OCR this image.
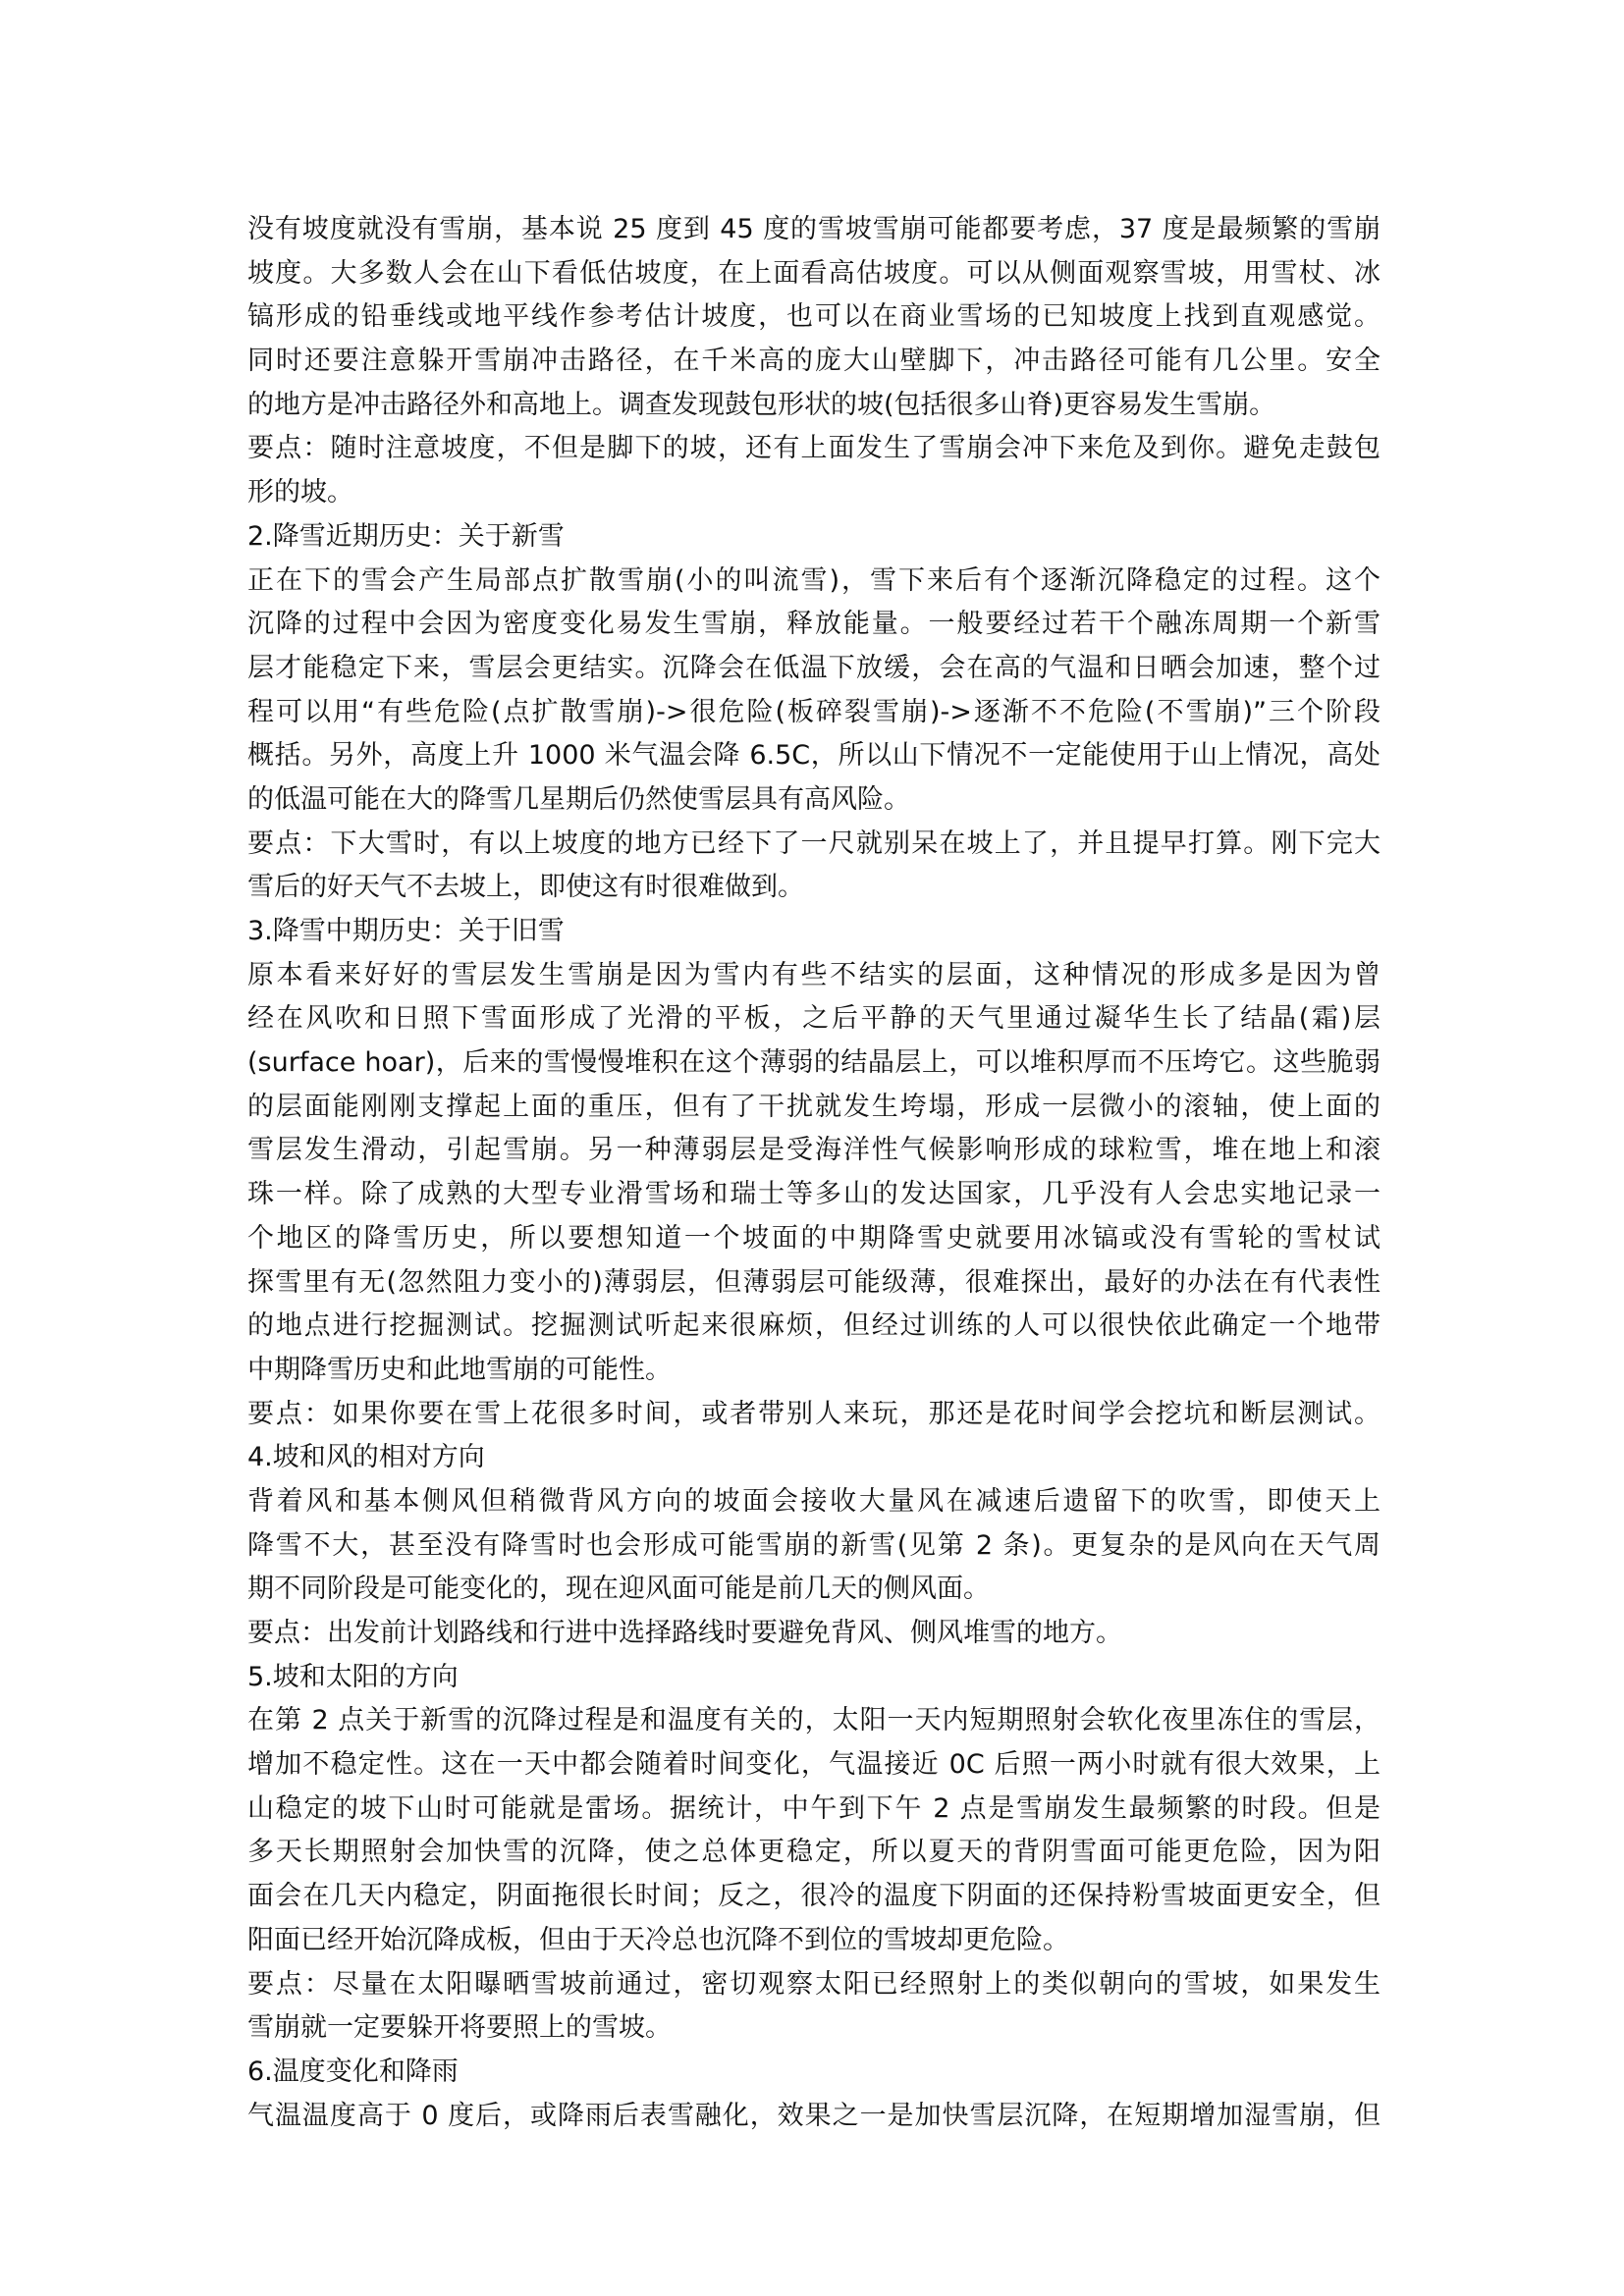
没有坡度就没有雪崩，基本说 25 度到 45 度的雪坡雪崩可能都要考虑，37 度是最频繁的雪崩
坡度。大多数人会在山下看低估坡度，在上面看高估坡度。可以从侧面观察雪坡，用雪杖、冰
镐形成的铅垂线或地平线作参考估计坡度，也可以在商业雪场的已知坡度上找到直观感觉。
同时还要注意躲开雪崩冲击路径，在千米高的庞大山壁脚下，冲击路径可能有几公里。安全
的地方是冲击路径外和高地上。调查发现鼓包形状的坡(包括很多山脊)更容易发生雪崩。
要点：随时注意坡度，不但是脚下的坡，还有上面发生了雪崩会冲下来危及到你。避免走鼓包
形的坡。
2.降雪近期历史：关于新雪
正在下的雪会产生局部点扩散雪崩(小的叫流雪)，雪下来后有个逐渐沉降稳定的过程。这个
沉降的过程中会因为密度变化易发生雪崩，释放能量。一般要经过若干个融冻周期一个新雪
层才能稳定下来，雪层会更结实。沉降会在低温下放缓，会在高的气温和日晒会加速，整个过
程可以用“有些危险(点扩散雪崩)->很危险(板碎裂雪崩)->逐渐不不危险(不雪崩)”三个阶段
概括。另外，高度上升 1000 米气温会降 6.5C，所以山下情况不一定能使用于山上情况，高处
的低温可能在大的降雪几星期后仍然使雪层具有高风险。
要点：下大雪时，有以上坡度的地方已经下了一尺就别呆在坡上了，并且提早打算。刚下完大
雪后的好天气不去坡上，即使这有时很难做到。
3.降雪中期历史：关于旧雪
原本看来好好的雪层发生雪崩是因为雪内有些不结实的层面，这种情况的形成多是因为曾
经在风吹和日照下雪面形成了光滑的平板，之后平静的天气里通过凝华生长了结晶(霜)层
(surface hoar)，后来的雪慢慢堆积在这个薄弱的结晶层上，可以堆积厚而不压垮它。这些脆弱
的层面能刚刚支撑起上面的重压，但有了干扰就发生垮塌，形成一层微小的滚轴，使上面的
雪层发生滑动，引起雪崩。另一种薄弱层是受海洋性气候影响形成的球粒雪，堆在地上和滚
珠一样。除了成熟的大型专业滑雪场和瑞士等多山的发达国家，几乎没有人会忠实地记录一
个地区的降雪历史，所以要想知道一个坡面的中期降雪史就要用冰镐或没有雪轮的雪杖试
探雪里有无(忽然阻力变小的)薄弱层，但薄弱层可能级薄，很难探出，最好的办法在有代表性
的地点进行挖掘测试。挖掘测试听起来很麻烦，但经过训练的人可以很快依此确定一个地带
中期降雪历史和此地雪崩的可能性。
要点：如果你要在雪上花很多时间，或者带别人来玩，那还是花时间学会挖坑和断层测试。
4.坡和风的相对方向
背着风和基本侧风但稍微背风方向的坡面会接收大量风在减速后遗留下的吹雪，即使天上
降雪不大，甚至没有降雪时也会形成可能雪崩的新雪(见第 2 条)。更复杂的是风向在天气周
期不同阶段是可能变化的，现在迎风面可能是前几天的侧风面。
要点：出发前计划路线和行进中选择路线时要避免背风、侧风堆雪的地方。
5.坡和太阳的方向
在第 2 点关于新雪的沉降过程是和温度有关的，太阳一天内短期照射会软化夜里冻住的雪层，
增加不稳定性。这在一天中都会随着时间变化，气温接近 0C 后照一两小时就有很大效果，上
山稳定的坡下山时可能就是雷场。据统计，中午到下午 2 点是雪崩发生最频繁的时段。但是
多天长期照射会加快雪的沉降，使之总体更稳定，所以夏天的背阴雪面可能更危险，因为阳
面会在几天内稳定，阴面拖很长时间；反之，很冷的温度下阴面的还保持粉雪坡面更安全，但
阳面已经开始沉降成板，但由于天冷总也沉降不到位的雪坡却更危险。
要点：尽量在太阳曝晒雪坡前通过，密切观察太阳已经照射上的类似朝向的雪坡，如果发生
雪崩就一定要躲开将要照上的雪坡。
6.温度变化和降雨
气温温度高于 0 度后，或降雨后表雪融化，效果之一是加快雪层沉降，在短期增加湿雪崩，但
